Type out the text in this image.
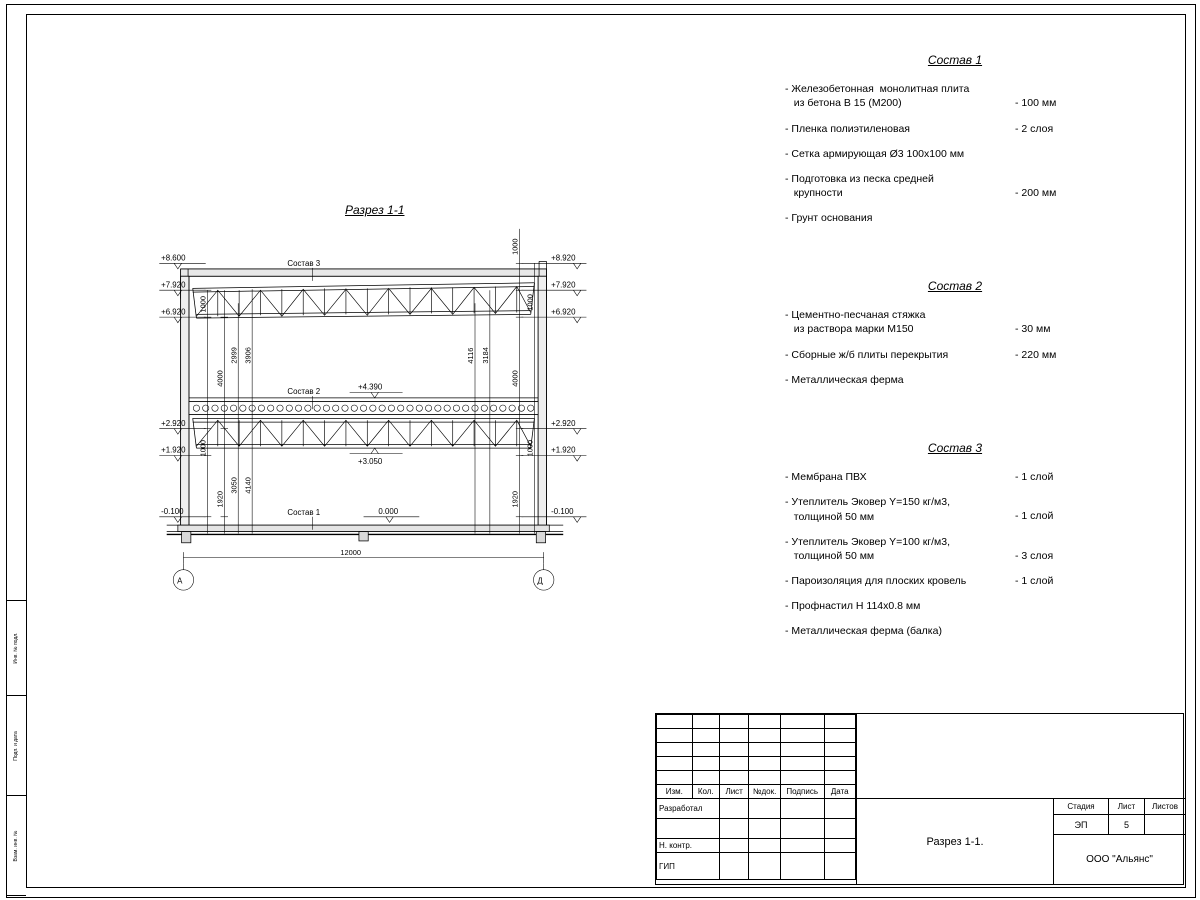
Инв. № подл.
Подп. и дата
Взам. инв. №
Разрез 1-1
+8.600
+7.920
+6.920
+2.920
+1.920
-0.100
+8.920
+7.920
+6.920
+2.920
+1.920
-0.100
+4.390
+3.050
0.000
1000
4000
1000
1920
2999 3906
3050 4140
4116 3184
1000
1000
4000
1000
1920
12000
А	Д
Состав 3
Состав 2
Состав 1
Состав 1
- Железобетонная  монолитная плита
из бетона В 15 (М200)	- 100 мм
- Пленка полиэтиленовая	- 2 слоя
- Сетка армирующая Ø3 100х100 мм
- Подготовка из песка средней
крупности	- 200 мм
- Грунт основания
Состав 2
- Цементно-песчаная стяжка
из раствора марки М150	- 30 мм
- Сборные ж/б плиты перекрытия	- 220 мм
- Металлическая ферма
Состав 3
- Мембрана ПВХ	- 1 слой
- Утеплитель Эковер Y=150 кг/м3,
толщиной 50 мм	- 1 слой
- Утеплитель Эковер Y=100 кг/м3,
толщиной 50 мм	- 3 слоя
- Пароизоляция для плоских кровель	- 1 слой
- Профнастил Н 114х0.8 мм
- Металлическая ферма (балка)

Изм.	Кол.	Лист	№док.	Подпись	Дата
Разработал					

Н. контр.					
ГИП					
Разрез 1-1.
Стадия	Лист	Листов
ЭП	5
ООО "Альянс"
